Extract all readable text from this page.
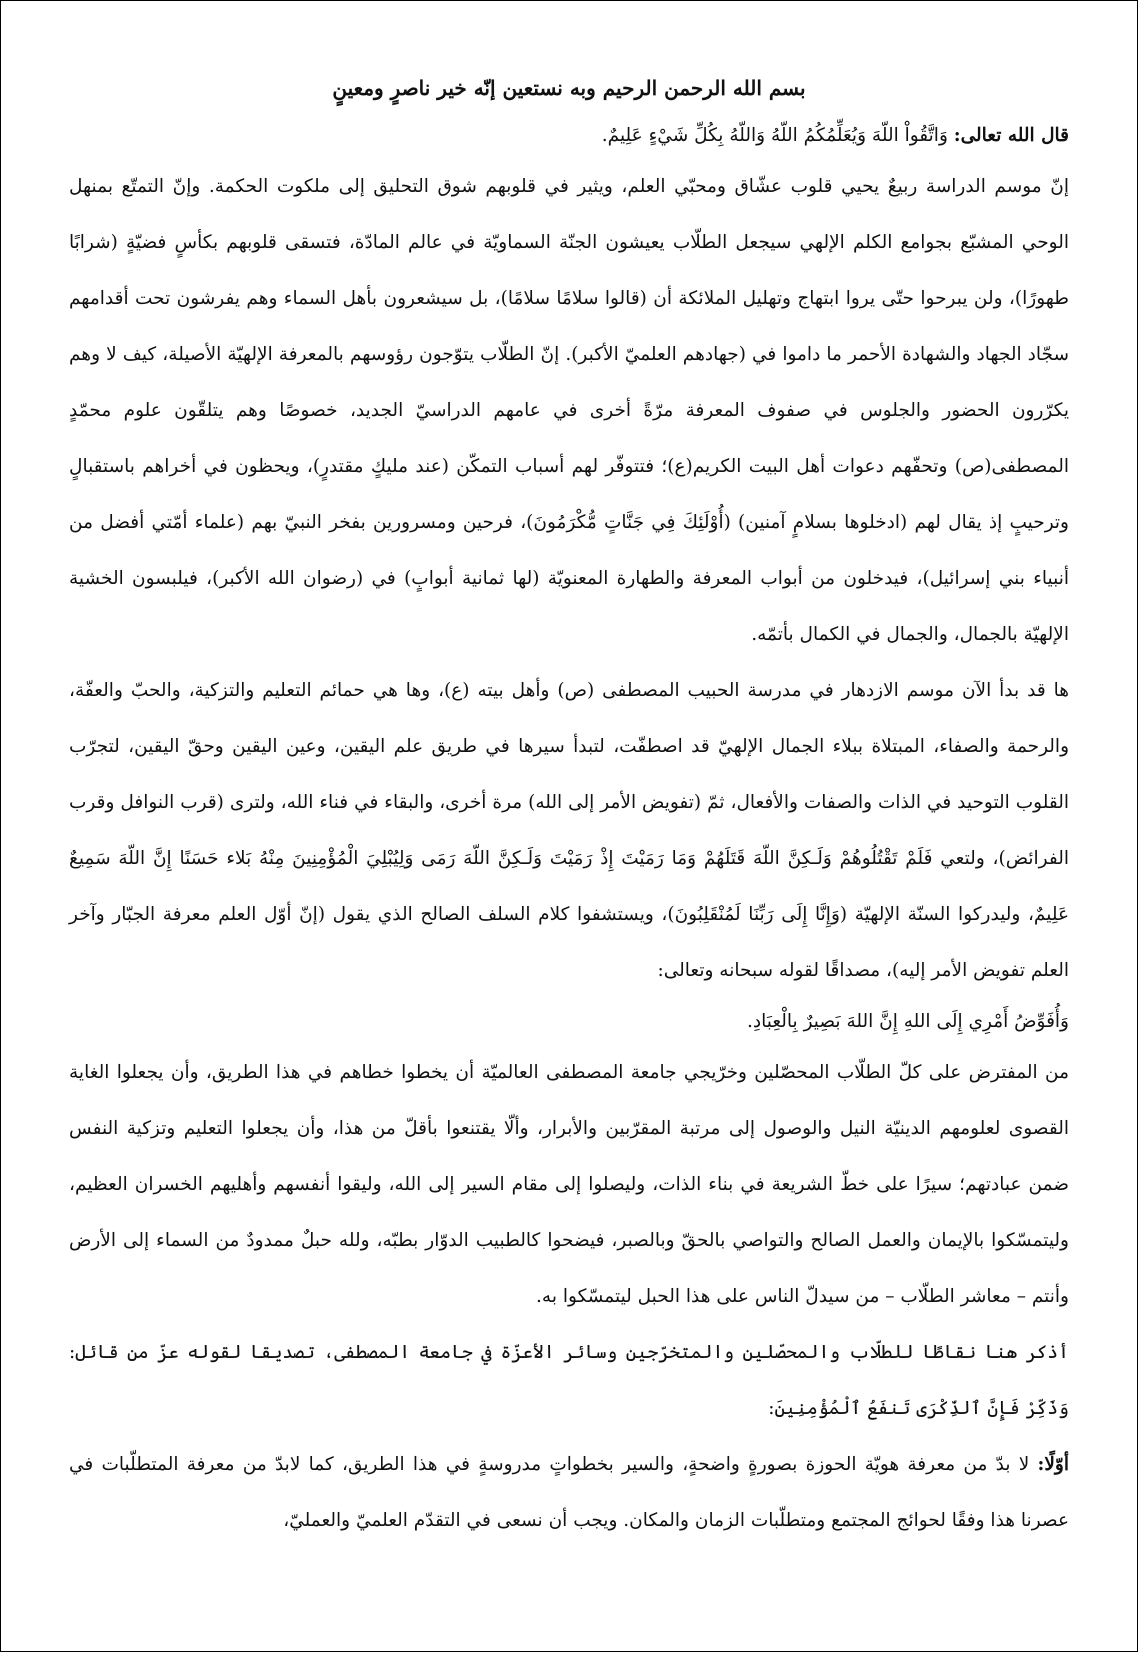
بسم الله الرحمن الرحيم وبه نستعين إنّه خير ناصرٍ ومعينٍ

قال الله تعالى: وَاتَّقُواْ اللّهَ وَيُعَلِّمُكُمُ اللّهُ وَاللّهُ بِكُلِّ شَيْءٍ عَلِيمٌ.

إنّ موسم الدراسة ربيعٌ يحيي قلوب عشّاق ومحبّي العلم، ويثير في قلوبهم شوق التحليق إلى ملكوت الحكمة. وإنّ التمتّع بمنهل الوحي المشبّع بجوامع الكلم الإلهي سيجعل الطلّاب يعيشون الجنّة السماويّة في عالم المادّة، فتسقى قلوبهم بكأسٍ فضيّةٍ (شرابًا طهورًا)، ولن يبرحوا حتّى يروا ابتهاج وتهليل الملائكة أن (قالوا سلامًا سلامًا)، بل سيشعرون بأهل السماء وهم يفرشون تحت أقدامهم سجّاد الجهاد والشهادة الأحمر ما داموا في (جهادهم العلميّ الأكبر). إنّ الطلّاب يتوّجون رؤوسهم بالمعرفة الإلهيّة الأصيلة، كيف لا وهم يكرّرون الحضور والجلوس في صفوف المعرفة مرّةً أخرى في عامهم الدراسيّ الجديد، خصوصًا وهم يتلقّون علوم محمّدٍ المصطفى(ص) وتحفّهم دعوات أهل البيت الكريم(ع)؛ فتتوفّر لهم أسباب التمكّن (عند مليكٍ مقتدرٍ)، ويحظون في أخراهم باستقبالٍ وترحيبٍ إذ يقال لهم (ادخلوها بسلامٍ آمنين) (أُوْلَئِكَ فِي جَنَّاتٍ مُّكْرَمُونَ)، فرحين ومسرورين بفخر النبيّ بهم (علماء أمّتي أفضل من أنبياء بني إسرائيل)، فيدخلون من أبواب المعرفة والطهارة المعنويّة (لها ثمانية أبوابٍ) في (رضوان الله الأكبر)، فيلبسون الخشية الإلهيّة بالجمال، والجمال في الكمال بأتمّه.

ها قد بدأ الآن موسم الازدهار في مدرسة الحبيب المصطفى (ص) وأهل بيته (ع)، وها هي حمائم التعليم والتزكية، والحبّ والعفّة، والرحمة والصفاء، المبتلاة ببلاء الجمال الإلهيّ قد اصطفّت، لتبدأ سيرها في طريق علم اليقين، وعين اليقين وحقّ اليقين، لتجرّب القلوب التوحيد في الذات والصفات والأفعال، ثمّ (تفويض الأمر إلى الله) مرة أخرى، والبقاء في فناء الله، ولترى (قرب النوافل وقرب الفرائض)، ولتعي فَلَمْ تَقْتُلُوهُمْ وَلَـكِنَّ اللّهَ قَتَلَهُمْ وَمَا رَمَيْتَ إِذْ رَمَيْتَ وَلَـكِنَّ اللّهَ رَمَى وَلِيُبْلِيَ الْمُؤْمِنِينَ مِنْهُ بَلاء حَسَنًا إِنَّ اللّهَ سَمِيعٌ عَلِيمٌ، وليدركوا السنّة الإلهيّة (وَإِنَّا إِلَى رَبِّنَا لَمُنْقَلِبُونَ)، ويستشفوا كلام السلف الصالح الذي يقول (إنّ أوّل العلم معرفة الجبّار وآخر العلم تفويض الأمر إليه)، مصداقًا لقوله سبحانه وتعالى:

وَأُفَوِّضُ أَمْرِي إِلَى اللهِ إِنَّ اللهَ بَصِيرٌ بِالْعِبَادِ.

من المفترض على كلّ الطلّاب المحصّلين وخرّيجي جامعة المصطفى العالميّة أن يخطوا خطاهم في هذا الطريق، وأن يجعلوا الغاية القصوى لعلومهم الدينيّة النيل والوصول إلى مرتبة المقرّبين والأبرار، وألّا يقتنعوا بأقلّ من هذا، وأن يجعلوا التعليم وتزكية النفس ضمن عبادتهم؛ سيرًا على خطّ الشريعة في بناء الذات، وليصلوا إلى مقام السير إلى الله، وليقوا أنفسهم وأهليهم الخسران العظيم، وليتمسّكوا بالإيمان والعمل الصالح والتواصي بالحقّ وبالصبر، فيضحوا كالطبيب الدوّار بطبّه، ولله حبلٌ ممدودٌ من السماء إلى الأرض وأنتم – معاشر الطلّاب – من سيدلّ الناس على هذا الحبل ليتمسّكوا به.

أذكر هنا نقاطًا للطلّاب والمحصّلين والمتخرّجين وسائر الأعزّة في جامعة المصطفى، تصديقا لقوله عزّ من قائل: وَذَكِّرْ فَإِنَّ ٱلذِّكْرَى تَنفَعُ ٱلْمُؤْمِنِينَ:

أوّلًا: لا بدّ من معرفة هويّة الحوزة بصورةٍ واضحةٍ، والسير بخطواتٍ مدروسةٍ في هذا الطريق، كما لابدّ من معرفة المتطلّبات في عصرنا هذا وفقًا لحوائج المجتمع ومتطلّبات الزمان والمكان. ويجب أن نسعى في التقدّم العلميّ والعمليّ،
